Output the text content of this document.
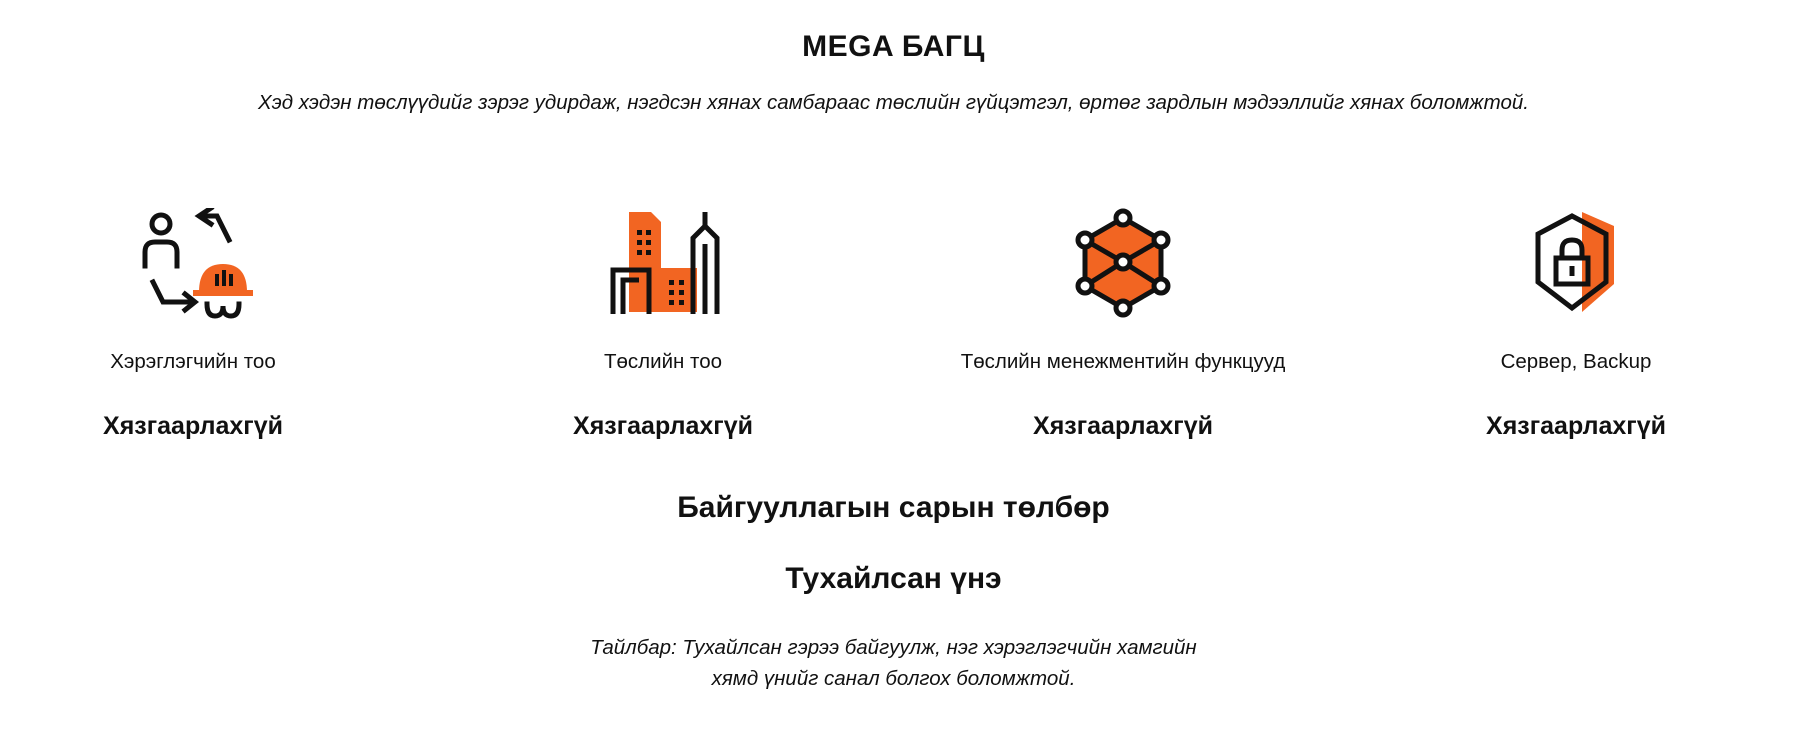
MEGA БАГЦ

Хэд хэдэн төслүүдийг зэрэг удирдаж, нэгдсэн хянах самбараас төслийн гүйцэтгэл, өртөг зардлын мэдээллийг хянах боломжтой.

Хэрэглэгчийн тоо
Хязгаарлахгүй
Төслийн тоо
Хязгаарлахгүй
Төслийн менежментийн функцууд
Хязгаарлахгүй
Сервер, Backup
Хязгаарлахгүй
Байгууллагын сарын төлбөр
Тухайлсан үнэ

Тайлбар: Тухайлсан гэрээ байгуулж, нэг хэрэглэгчийн хамгийн
хямд үнийг санал болгох боломжтой.
